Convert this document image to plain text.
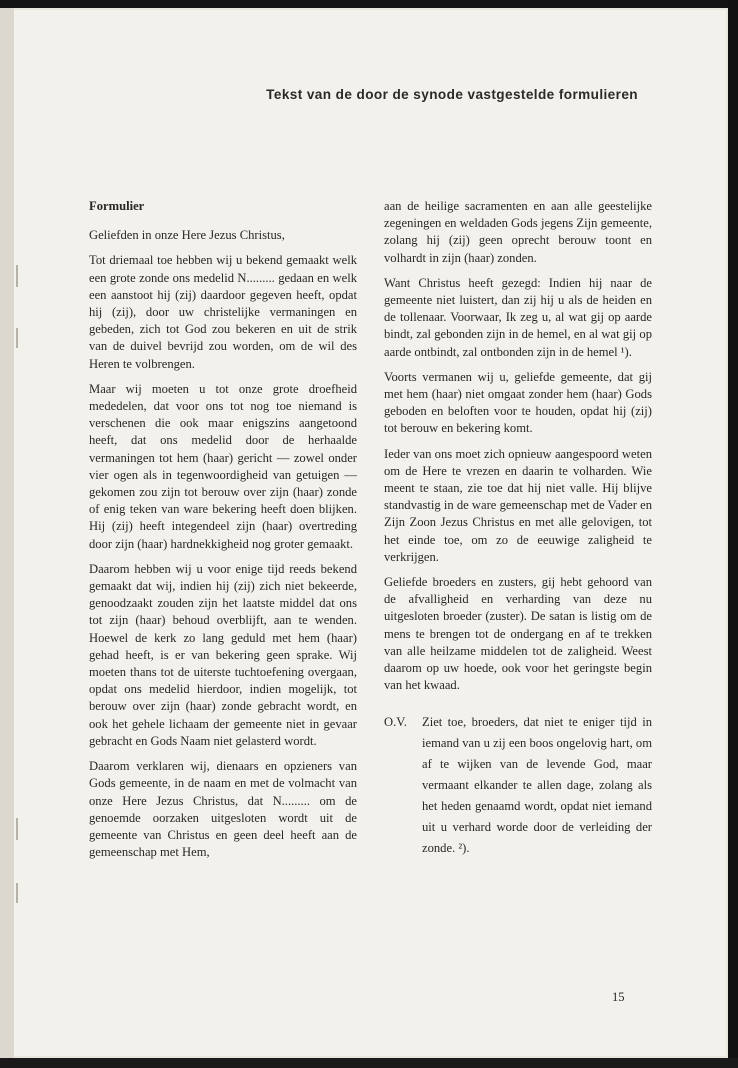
Tekst van de door de synode vastgestelde formulieren
Formulier

Geliefden in onze Here Jezus Christus,

Tot driemaal toe hebben wij u bekend gemaakt welk een grote zonde ons medelid N......... gedaan en welk een aanstoot hij (zij) daardoor gegeven heeft, opdat hij (zij), door uw christelijke vermaningen en gebeden, zich tot God zou bekeren en uit de strik van de duivel bevrijd zou worden, om de wil des Heren te volbrengen.

Maar wij moeten u tot onze grote droefheid mededelen, dat voor ons tot nog toe niemand is verschenen die ook maar enigszins aangetoond heeft, dat ons medelid door de herhaalde vermaningen tot hem (haar) gericht — zowel onder vier ogen als in tegenwoordigheid van getuigen — gekomen zou zijn tot berouw over zijn (haar) zonde of enig teken van ware bekering heeft doen blijken. Hij (zij) heeft integendeel zijn (haar) overtreding door zijn (haar) hardnekkigheid nog groter gemaakt.

Daarom hebben wij u voor enige tijd reeds bekend gemaakt dat wij, indien hij (zij) zich niet bekeerde, genoodzaakt zouden zijn het laatste middel dat ons tot zijn (haar) behoud overblijft, aan te wenden. Hoewel de kerk zo lang geduld met hem (haar) gehad heeft, is er van bekering geen sprake. Wij moeten thans tot de uiterste tuchtoefening overgaan, opdat ons medelid hierdoor, indien mogelijk, tot berouw over zijn (haar) zonde gebracht wordt, en ook het gehele lichaam der gemeente niet in gevaar gebracht en Gods Naam niet gelasterd wordt.

Daarom verklaren wij, dienaars en opzieners van Gods gemeente, in de naam en met de volmacht van onze Here Jezus Christus, dat N......... om de genoemde oorzaken uitgesloten wordt uit de gemeente van Christus en geen deel heeft aan de gemeenschap met Hem,

aan de heilige sacramenten en aan alle geestelijke zegeningen en weldaden Gods jegens Zijn gemeente, zolang hij (zij) geen oprecht berouw toont en volhardt in zijn (haar) zonden.

Want Christus heeft gezegd: Indien hij naar de gemeente niet luistert, dan zij hij u als de heiden en de tollenaar. Voorwaar, Ik zeg u, al wat gij op aarde bindt, zal gebonden zijn in de hemel, en al wat gij op aarde ontbindt, zal ontbonden zijn in de hemel ¹).

Voorts vermanen wij u, geliefde gemeente, dat gij met hem (haar) niet omgaat zonder hem (haar) Gods geboden en beloften voor te houden, opdat hij (zij) tot berouw en bekering komt.

Ieder van ons moet zich opnieuw aangespoord weten om de Here te vrezen en daarin te volharden. Wie meent te staan, zie toe dat hij niet valle. Hij blijve standvastig in de ware gemeenschap met de Vader en Zijn Zoon Jezus Christus en met alle gelovigen, tot het einde toe, om zo de eeuwige zaligheid te verkrijgen.

Geliefde broeders en zusters, gij hebt gehoord van de afvalligheid en verharding van deze nu uitgesloten broeder (zuster). De satan is listig om de mens te brengen tot de ondergang en af te trekken van alle heilzame middelen tot de zaligheid. Weest daarom op uw hoede, ook voor het geringste begin van het kwaad.

O.V.	Ziet toe, broeders, dat niet te eniger tijd in iemand van u zij een boos ongelovig hart, om af te wijken van de levende God, maar vermaant elkander te allen dage, zolang als het heden genaamd wordt, opdat niet iemand uit u verhard worde door de verleiding der zonde. ²).
15
